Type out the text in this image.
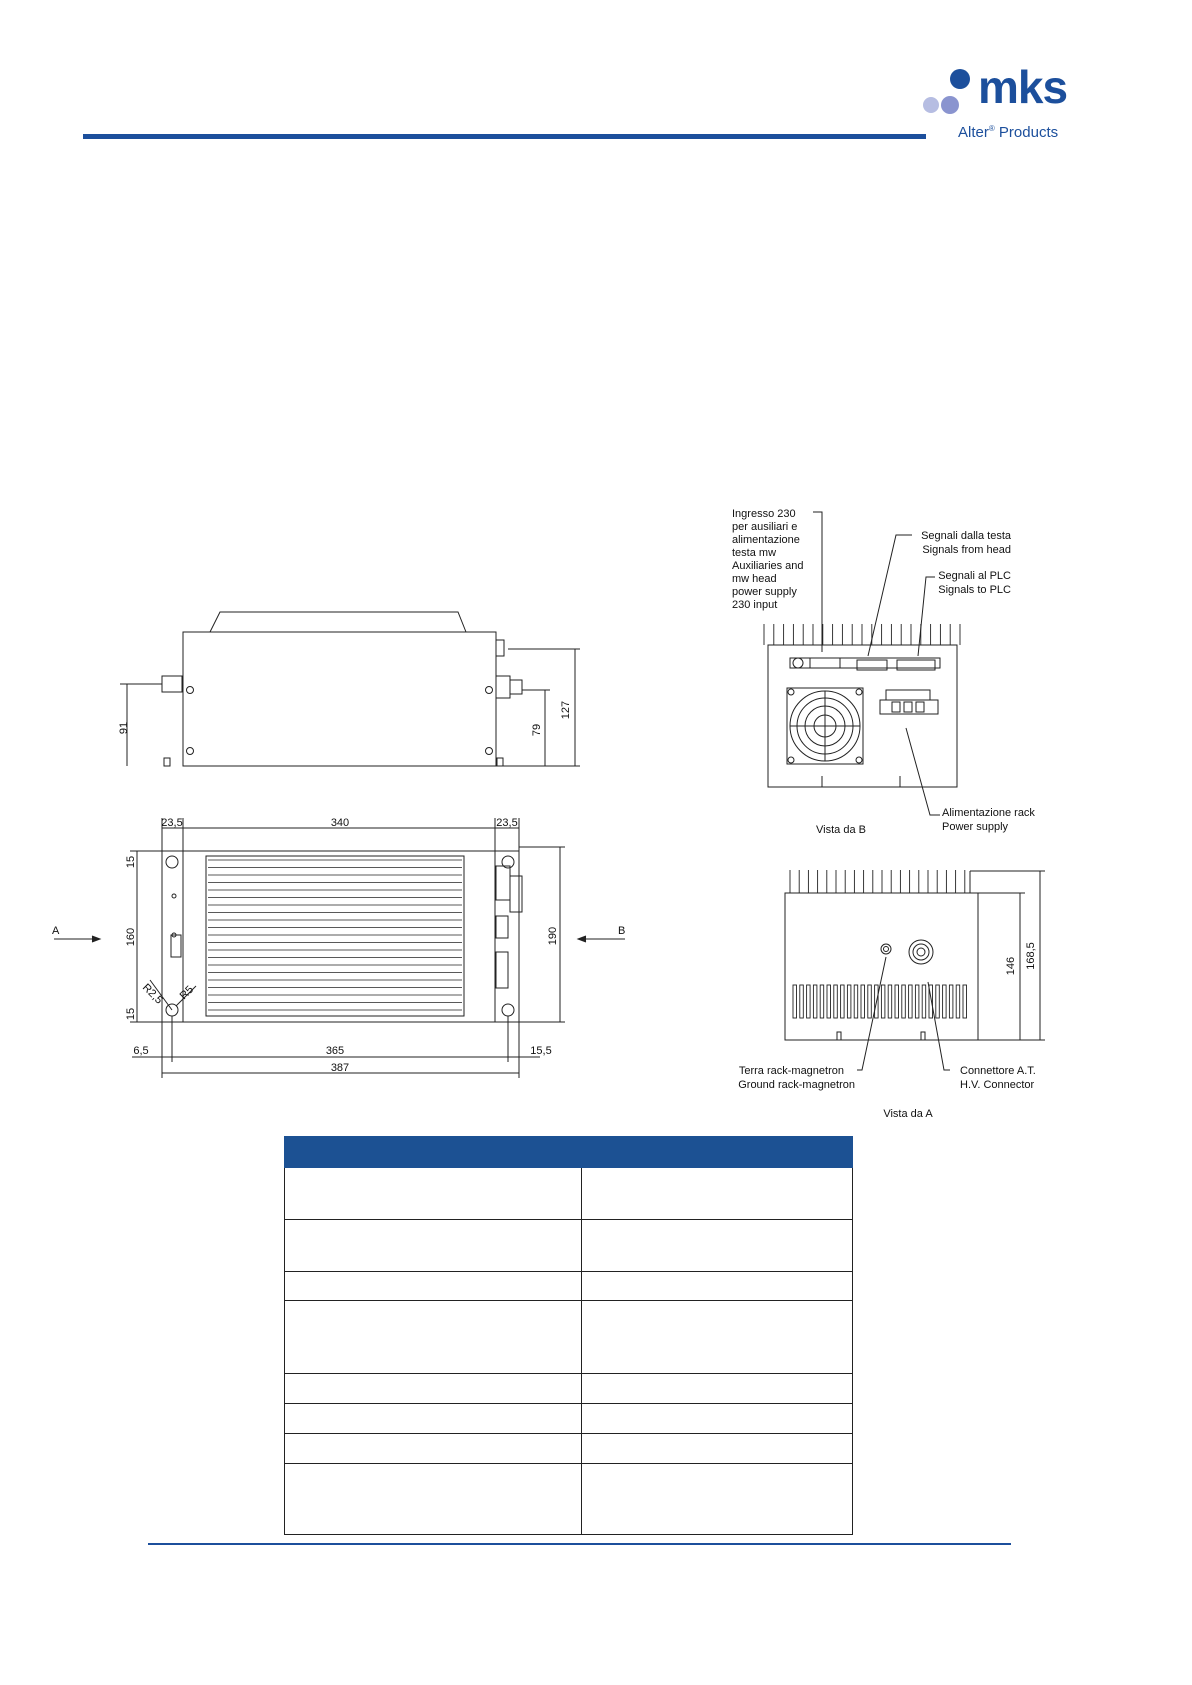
mks
Alter® Products
91	79
127
23,5	340	23,5
15
160
15
190
R2,5 R5
6,5	365	15,5
387
A	B
Ingresso 230
per ausiliari e
alimentazione
testa mw
Auxiliaries and
mw head
power supply
230 input
Segnali dalla testa
Signals from head
Segnali al PLC
Signals to PLC
Alimentazione rack
Power supply
Vista da B
146 168,5
Terra rack-magnetron
Ground rack-magnetron
Connettore A.T.
H.V. Connector
Vista da A
